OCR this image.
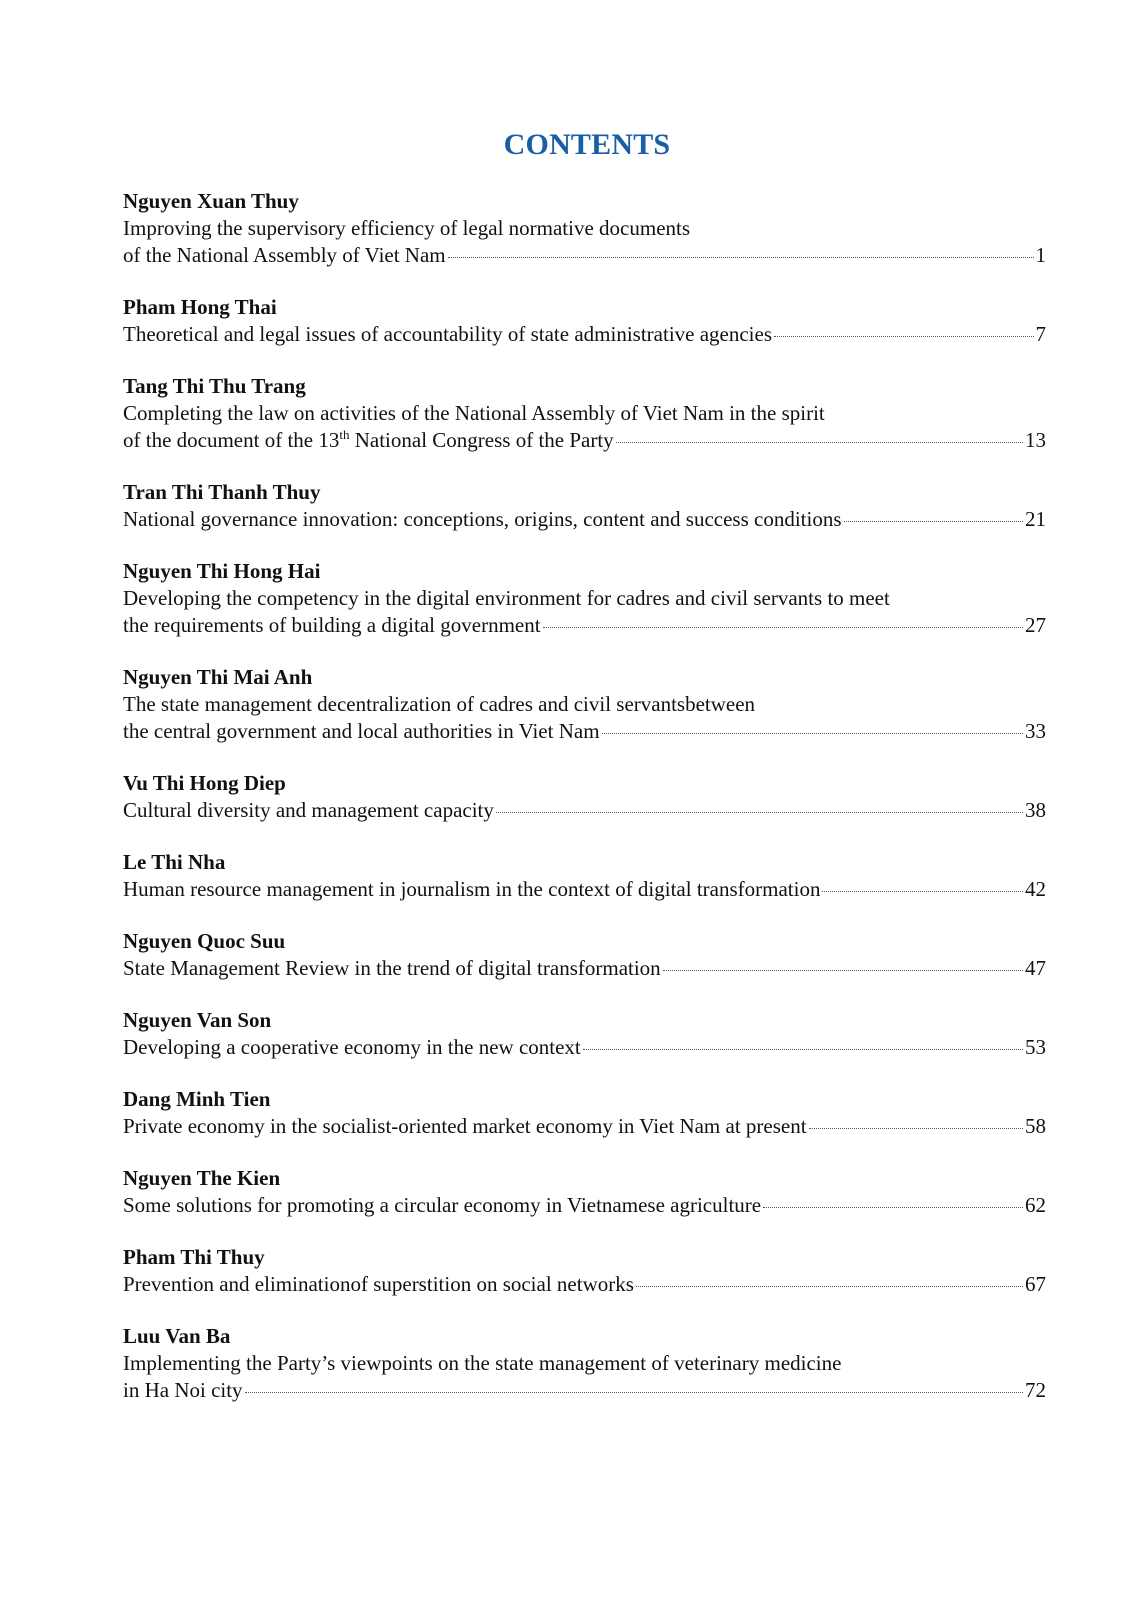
CONTENTS
Nguyen Xuan Thuy
Improving the supervisory efficiency of legal normative documents
of the National Assembly of Viet Nam	1
Pham Hong Thai
Theoretical and legal issues of accountability of state administrative agencies	7
Tang Thi Thu Trang
Completing the law on activities of the National Assembly of Viet Nam in the spirit
of the document of the 13th National Congress of the Party	13
Tran Thi Thanh Thuy
National governance innovation: conceptions, origins, content and success conditions	21
Nguyen Thi Hong Hai
Developing the competency in the digital environment for cadres and civil servants to meet
the requirements of building a digital government	27
Nguyen Thi Mai Anh
The state management decentralization of cadres and civil servantsbetween
the central government and local authorities in Viet Nam	33
Vu Thi Hong Diep
Cultural diversity and management capacity	38
Le Thi Nha
Human resource management in journalism in the context of digital transformation	42
Nguyen Quoc Suu
State Management Review in the trend of digital transformation	47
Nguyen Van Son
Developing a cooperative economy in the new context	53
Dang Minh Tien
Private economy in the socialist-oriented market economy in Viet Nam at present	58
Nguyen The Kien
Some solutions for promoting a circular economy in Vietnamese agriculture	62
Pham Thi Thuy
Prevention and eliminationof superstition on social networks	67
Luu Van Ba
Implementing the Party’s viewpoints on the state management of veterinary medicine
in Ha Noi city	72
